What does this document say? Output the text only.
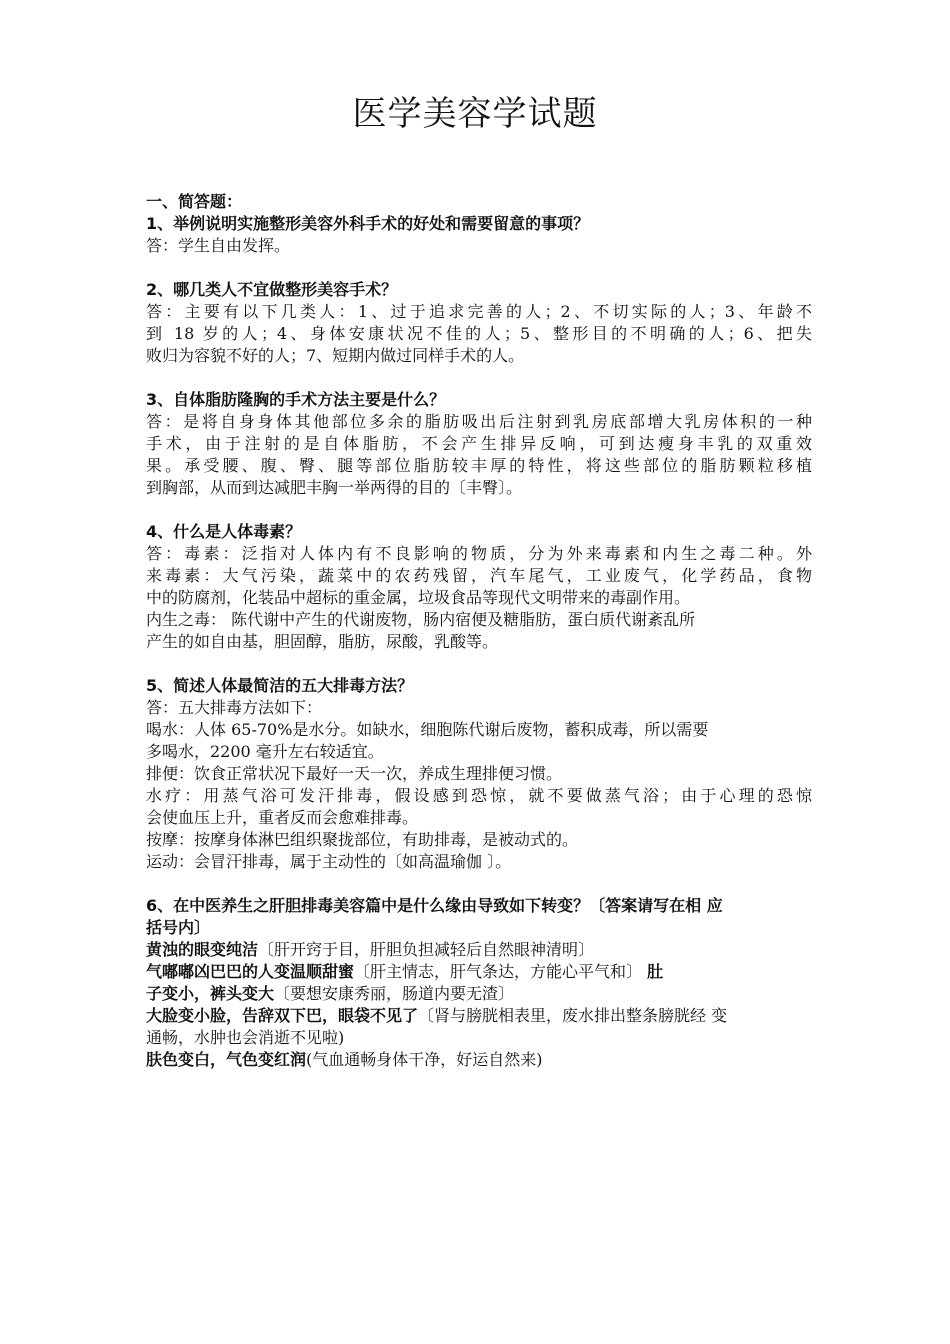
医学美容学试题
一、简答题：
1、举例说明实施整形美容外科手术的好处和需要留意的事项？
答：学生自由发挥。
2、哪几类人不宜做整形美容手术？
答：主要有以下几类人：1、过于追求完善的人；2、不切实际的人；3、年龄不
到 18 岁的人；4、身体安康状况不佳的人；5、整形目的不明确的人；6、把失
败归为容貌不好的人；7、短期内做过同样手术的人。
3、自体脂肪隆胸的手术方法主要是什么？
答：是将自身身体其他部位多余的脂肪吸出后注射到乳房底部增大乳房体积的一种
手术，由于注射的是自体脂肪，不会产生排异反响，可到达瘦身丰乳的双重效
果。承受腰、腹、臀、腿等部位脂肪较丰厚的特性，将这些部位的脂肪颗粒移植
到胸部，从而到达减肥丰胸一举两得的目的〔丰臀〕。
4、什么是人体毒素？
答：毒素：泛指对人体内有不良影响的物质，分为外来毒素和内生之毒二种。外
来毒素：大气污染，蔬菜中的农药残留，汽车尾气，工业废气，化学药品，食物
中的防腐剂，化装品中超标的重金属，垃圾食品等现代文明带来的毒副作用。
内生之毒： 陈代谢中产生的代谢废物，肠内宿便及糖脂肪，蛋白质代谢紊乱所
产生的如自由基，胆固醇，脂肪，尿酸，乳酸等。
5、简述人体最简洁的五大排毒方法？
答：五大排毒方法如下：
喝水：人体 65-70%是水分。如缺水，细胞陈代谢后废物，蓄积成毒，所以需要
多喝水，2200 毫升左右较适宜。
排便：饮食正常状况下最好一天一次，养成生理排便习惯。
水疗：用蒸气浴可发汗排毒，假设感到恐惊，就不要做蒸气浴；由于心理的恐惊
会使血压上升，重者反而会愈难排毒。
按摩：按摩身体淋巴组织聚拢部位，有助排毒，是被动式的。
运动：会冒汗排毒，属于主动性的〔如高温瑜伽 〕。
6、在中医养生之肝胆排毒美容篇中是什么缘由导致如下转变？〔答案请写在相 应
括号内〕
黄浊的眼变纯洁〔肝开窍于目，肝胆负担减轻后自然眼神清明〕
气嘟嘟凶巴巴的人变温顺甜蜜〔肝主情志，肝气条达，方能心平气和〕 肚
子变小，裤头变大〔要想安康秀丽，肠道内要无渣〕
大脸变小脸，告辞双下巴，眼袋不见了〔肾与膀胱相表里，废水排出整条膀胱经 变
通畅，水肿也会消逝不见啦)
肤色变白，气色变红润(气血通畅身体干净，好运自然来)
